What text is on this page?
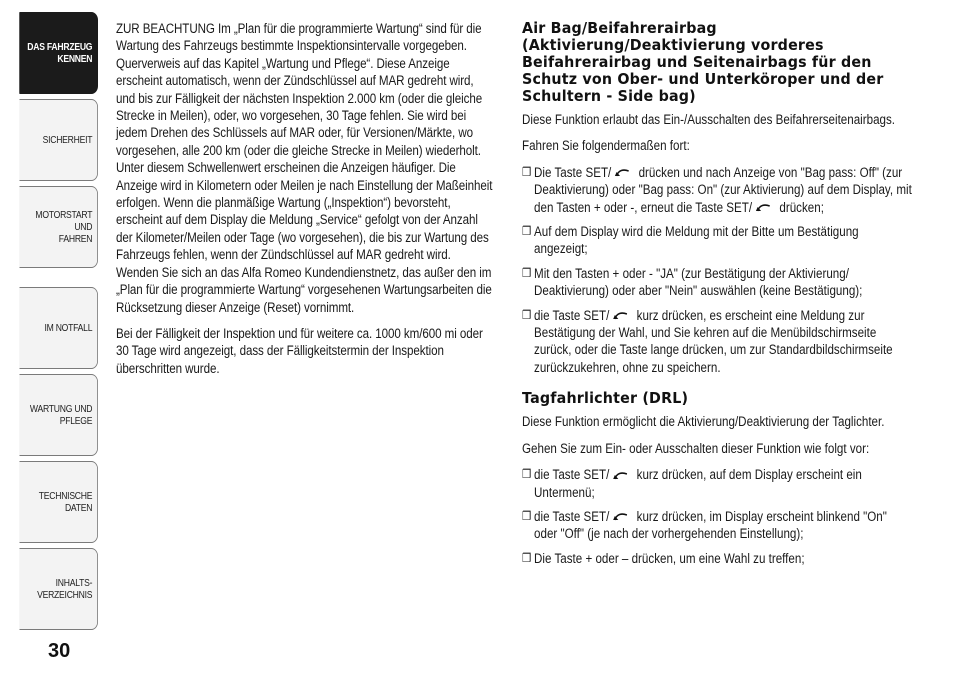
DAS FAHRZEUG
KENNEN
SICHERHEIT
MOTORSTART UND
FAHREN
IM NOTFALL
WARTUNG UND
PFLEGE
TECHNISCHE DATEN
INHALTS-
VERZEICHNIS
30

ZUR BEACHTUNG Im „Plan für die programmierte Wartung“ sind für die Wartung des Fahrzeugs bestimmte Inspektionsintervalle vorgegeben. Querverweis auf das Kapitel „Wartung und Pflege“. Diese Anzeige erscheint automatisch, wenn der Zündschlüssel auf MAR gedreht wird, und bis zur Fälligkeit der nächsten Inspektion 2.000 km (oder die gleiche Strecke in Meilen), oder, wo vorgesehen, 30 Tage fehlen. Sie wird bei jedem Drehen des Schlüssels auf MAR oder, für Versionen/Märkte, wo vorgesehen, alle 200 km (oder die gleiche Strecke in Meilen) wiederholt. Unter diesem Schwellenwert erscheinen die Anzeigen häufiger. Die Anzeige wird in Kilometern oder Meilen je nach Einstellung der Maßeinheit erfolgen. Wenn die planmäßige Wartung („Inspektion“) bevorsteht, erscheint auf dem Display die Meldung „Service“ gefolgt von der Anzahl der Kilometer/Meilen oder Tage (wo vorgesehen), die bis zur Wartung des Fahrzeugs fehlen, wenn der Zündschlüssel auf MAR gedreht wird. Wenden Sie sich an das Alfa Romeo Kundendienstnetz, das außer den im „Plan für die programmierte Wartung“ vorgesehenen Wartungsarbeiten die Rücksetzung dieser Anzeige (Reset) vornimmt.

Bei der Fälligkeit der Inspektion und für weitere ca. 1000 km/600 mi oder 30 Tage wird angezeigt, dass der Fälligkeitstermin der Inspektion überschritten wurde.

Air Bag/Beifahrerairbag (Aktivierung/Deaktivierung vorderes Beifahrerairbag und Seitenairbags für den Schutz von Ober- und Unterköroper und der Schultern - Side bag)

Diese Funktion erlaubt das Ein-/Ausschalten des Beifahrerseitenairbags.

Fahren Sie folgendermaßen fort:

❒ Die Taste SET/ drücken und nach Anzeige von "Bag pass: Off" (zur Deaktivierung) oder "Bag pass: On" (zur Aktivierung) auf dem Display, mit den Tasten + oder -, erneut die Taste SET/ drücken;
❒ Auf dem Display wird die Meldung mit der Bitte um Bestätigung angezeigt;
❒ Mit den Tasten + oder - "JA" (zur Bestätigung der Aktivierung/ Deaktivierung) oder aber "Nein" auswählen (keine Bestätigung);
❒ die Taste SET/ kurz drücken, es erscheint eine Meldung zur Bestätigung der Wahl, und Sie kehren auf die Menübildschirmseite zurück, oder die Taste lange drücken, um zur Standardbildschirmseite zurückzukehren, ohne zu speichern.
Tagfahrlichter (DRL)

Diese Funktion ermöglicht die Aktivierung/Deaktivierung der Taglichter.

Gehen Sie zum Ein- oder Ausschalten dieser Funktion wie folgt vor:

❒ die Taste SET/ kurz drücken, auf dem Display erscheint ein Untermenü;
❒ die Taste SET/ kurz drücken, im Display erscheint blinkend "On" oder "Off" (je nach der vorhergehenden Einstellung);
❒ Die Taste + oder – drücken, um eine Wahl zu treffen;
